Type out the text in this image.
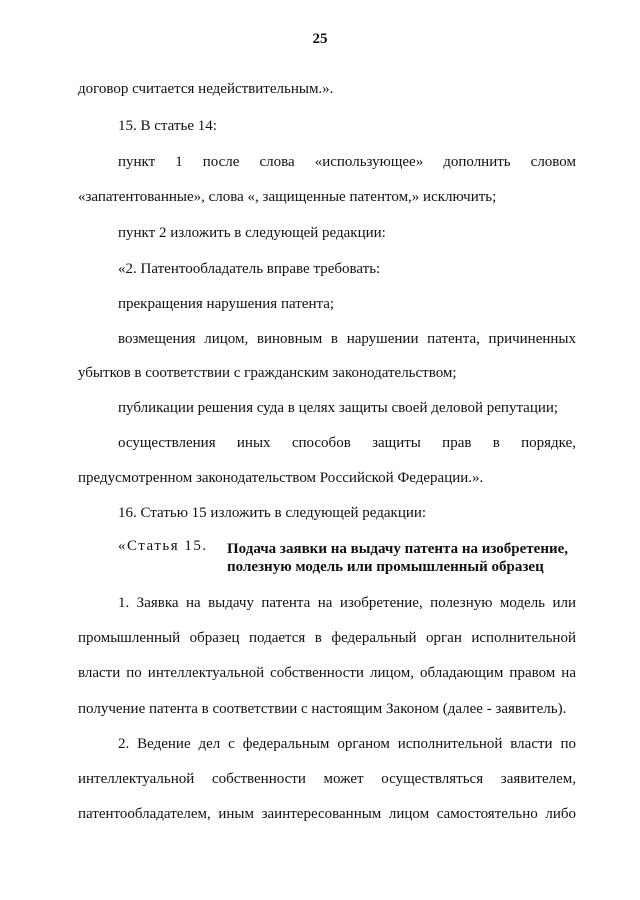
25
договор считается недействительным.».
15. В статье 14:
пункт 1 после слова «использующее» дополнить словом
«запатентованные», слова «, защищенные патентом,» исключить;
пункт 2 изложить в следующей редакции:
«2. Патентообладатель вправе требовать:
прекращения нарушения патента;
возмещения лицом, виновным в нарушении патента, причиненных
убытков в соответствии с гражданским законодательством;
публикации решения суда в целях защиты своей деловой репутации;
осуществления иных способов защиты прав в порядке,
предусмотренном законодательством Российской Федерации.».
16. Статью 15 изложить в следующей редакции:
«Статья 15. Подача заявки на выдачу патента на изобретение,
полезную модель или промышленный образец
1. Заявка на выдачу патента на изобретение, полезную модель или
промышленный образец подается в федеральный орган исполнительной
власти по интеллектуальной собственности лицом, обладающим правом на
получение патента в соответствии с настоящим Законом (далее - заявитель).
2. Ведение дел с федеральным органом исполнительной власти по
интеллектуальной собственности может осуществляться заявителем,
патентообладателем, иным заинтересованным лицом самостоятельно либо
